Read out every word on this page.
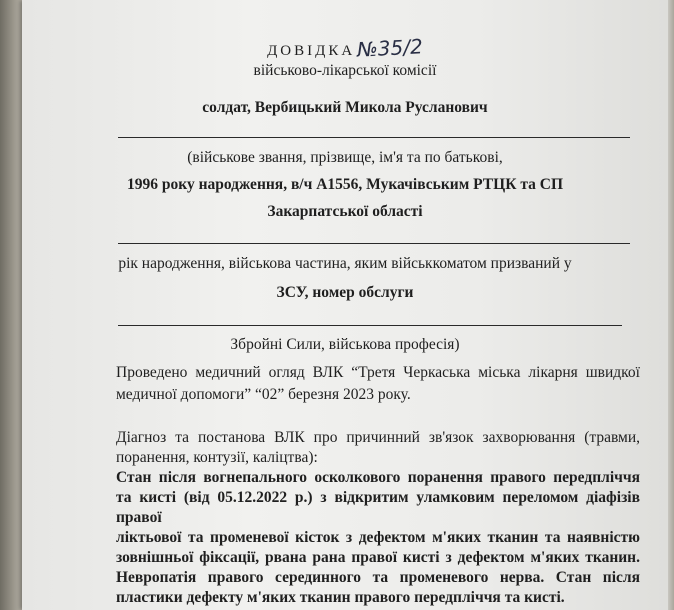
ДОВІДКА№35/2
військово-лікарської комісії
солдат, Вербицький Микола Русланович
(військове звання, прізвище, ім'я та по батькові,
1996 року народження, в/ч А1556, Мукачівським РТЦК та СП
Закарпатської області
рік народження, військова частина, яким військкоматом призваний у
ЗСУ, номер обслуги
Збройні Сили, військова професія)
Проведено медичний огляд ВЛК “Третя Черкаська міська лікарня швидкої
медичної допомоги” “02” березня 2023 року.
Діагноз та постанова ВЛК про причинний зв'язок захворювання (травми,
поранення, контузії, каліцтва):
Стан після вогнепального осколкового поранення правого передпліччя
та кисті (від 05.12.2022 р.) з відкритим уламковим переломом діафізів правої
ліктьової та променевої кісток з дефектом м'яких тканин та наявністю
зовнішньої фіксації, рвана рана правої кисті з дефектом м'яких тканин.
Невропатія правого серединного та променевого нерва. Стан після
пластики дефекту м'яких тканин правого передпліччя та кисті.
